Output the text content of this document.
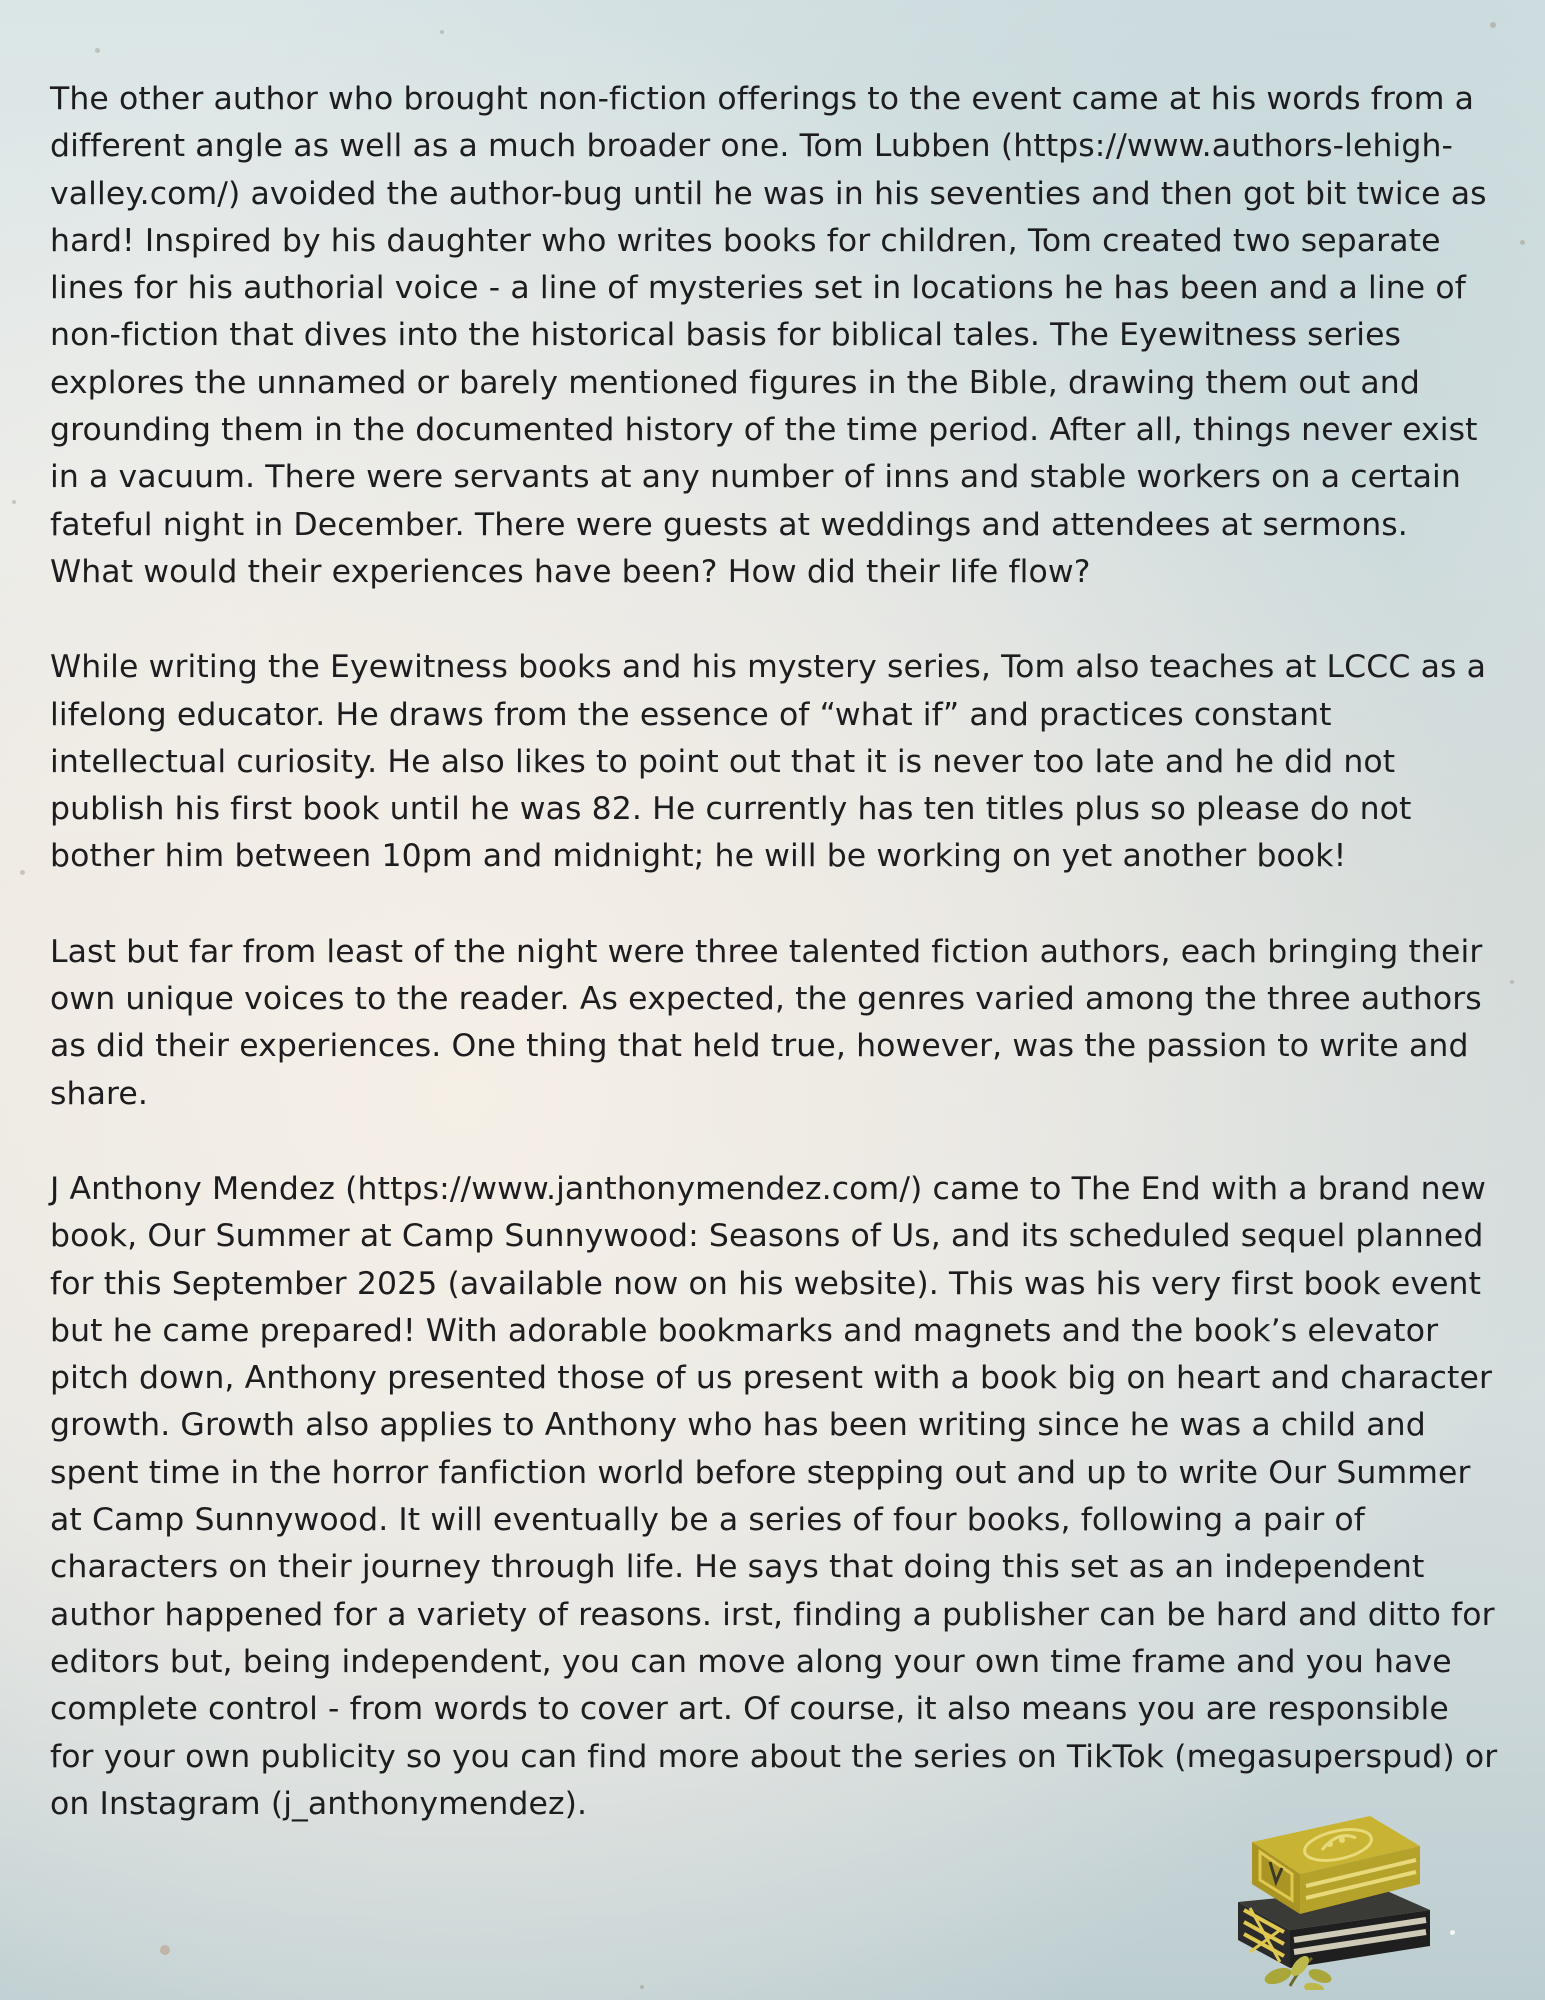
The other author who brought non-fiction offerings to the event came at his words from a different angle as well as a much broader one. Tom Lubben (https://www.authors-lehigh-valley.com/) avoided the author-bug until he was in his seventies and then got bit twice as hard! Inspired by his daughter who writes books for children, Tom created two separate lines for his authorial voice - a line of mysteries set in locations he has been and a line of non-fiction that dives into the historical basis for biblical tales. The Eyewitness series explores the unnamed or barely mentioned figures in the Bible, drawing them out and grounding them in the documented history of the time period. After all, things never exist in a vacuum. There were servants at any number of inns and stable workers on a certain fateful night in December. There were guests at weddings and attendees at sermons. What would their experiences have been? How did their life flow?

While writing the Eyewitness books and his mystery series, Tom also teaches at LCCC as a lifelong educator. He draws from the essence of “what if” and practices constant intellectual curiosity. He also likes to point out that it is never too late and he did not publish his first book until he was 82. He currently has ten titles plus so please do not bother him between 10pm and midnight; he will be working on yet another book!

Last but far from least of the night were three talented fiction authors, each bringing their own unique voices to the reader. As expected, the genres varied among the three authors as did their experiences. One thing that held true, however, was the passion to write and share.

J Anthony Mendez (https://www.janthonymendez.com/) came to The End with a brand new book, Our Summer at Camp Sunnywood: Seasons of Us, and its scheduled sequel planned for this September 2025 (available now on his website). This was his very first book event but he came prepared! With adorable bookmarks and magnets and the book’s elevator pitch down, Anthony presented those of us present with a book big on heart and character growth. Growth also applies to Anthony who has been writing since he was a child and spent time in the horror fanfiction world before stepping out and up to write Our Summer at Camp Sunnywood. It will eventually be a series of four books, following a pair of characters on their journey through life. He says that doing this set as an independent author happened for a variety of reasons. irst, finding a publisher can be hard and ditto for editors but, being independent, you can move along your own time frame and you have complete control - from words to cover art. Of course, it also means you are responsible for your own publicity so you can find more about the series on TikTok (megasuperspud) or on Instagram (j_anthonymendez).
